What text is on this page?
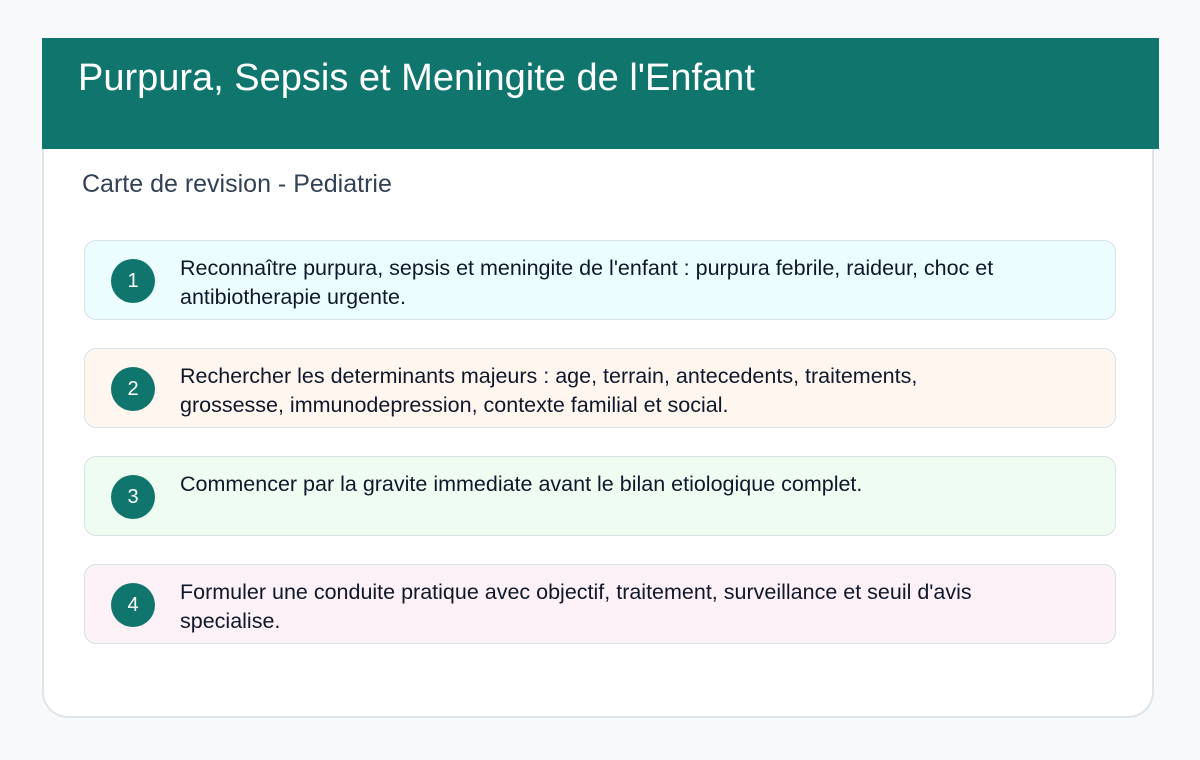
Purpura, Sepsis et Meningite de l'Enfant
Carte de revision - Pediatrie
1
Reconnaître purpura, sepsis et meningite de l'enfant : purpura febrile, raideur, choc et antibiotherapie urgente.
2
Rechercher les determinants majeurs : age, terrain, antecedents, traitements, grossesse, immunodepression, contexte familial et social.
3
Commencer par la gravite immediate avant le bilan etiologique complet.
4
Formuler une conduite pratique avec objectif, traitement, surveillance et seuil d'avis specialise.
